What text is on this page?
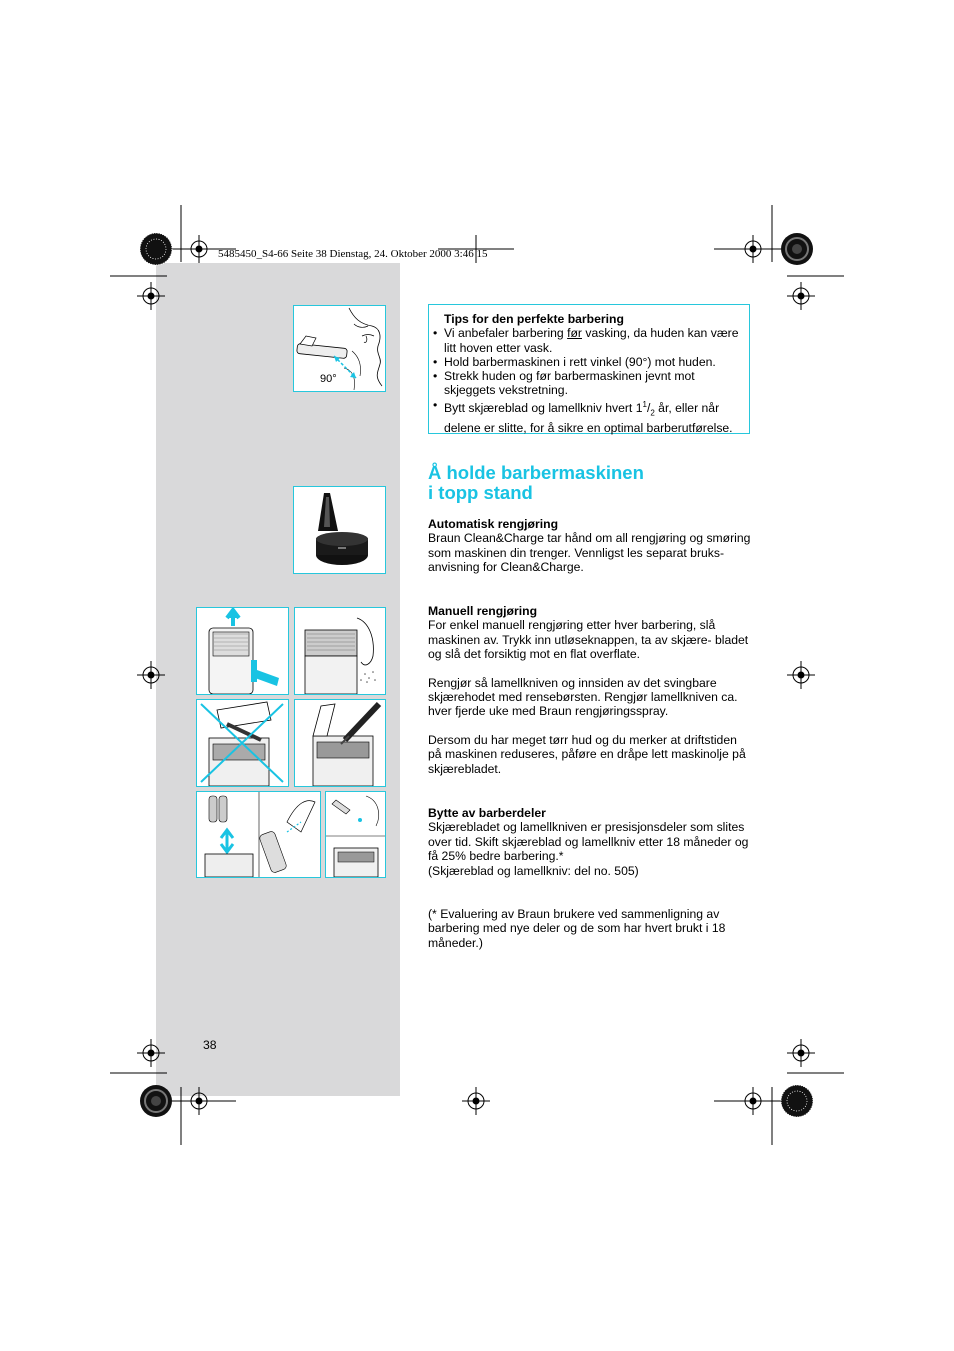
5485450_S4-66 Seite 38 Dienstag, 24. Oktober 2000 3:46 15
90°
Tips for den perfekte barbering
• Vi anbefaler barbering før vasking, da huden kan være litt hoven etter vask.
• Hold barbermaskinen i rett vinkel (90°) mot huden.
• Strekk huden og før barbermaskinen jevnt mot skjeggets vekstretning.
• Bytt skjæreblad og lamellkniv hvert $1^1/_2$ år, eller når delene er slitte, for å sikre en optimal barberutførelse.
Å holde barbermaskinen
i topp stand
Automatisk rengjøring

Braun Clean&Charge tar hånd om all rengjøring og smøring som maskinen din trenger. Vennligst les separat bruks- anvisning for Clean&Charge.

Manuell rengjøring

For enkel manuell rengjøring etter hver barbering, slå maskinen av. Trykk inn utløseknappen, ta av skjære- bladet og slå det forsiktig mot en flat overflate.

Rengjør så lamellkniven og innsiden av det svingbare skjærehodet med rensebørsten. Rengjør lamellkniven ca. hver fjerde uke med Braun rengjøringsspray.

Dersom du har meget tørr hud og du merker at driftstiden på maskinen reduseres, påføre en dråpe lett maskinolje på skjærebladet.

Bytte av barberdeler

Skjærebladet og lamellkniven er presisjonsdeler som slites over tid. Skift skjæreblad og lamellkniv etter 18 måneder og få 25% bedre barbering.*

(Skjæreblad og lamellkniv: del no. 505)

(* Evaluering av Braun brukere ved sammenligning av barbering med nye deler og de som har hvert brukt i 18 måneder.)
38
